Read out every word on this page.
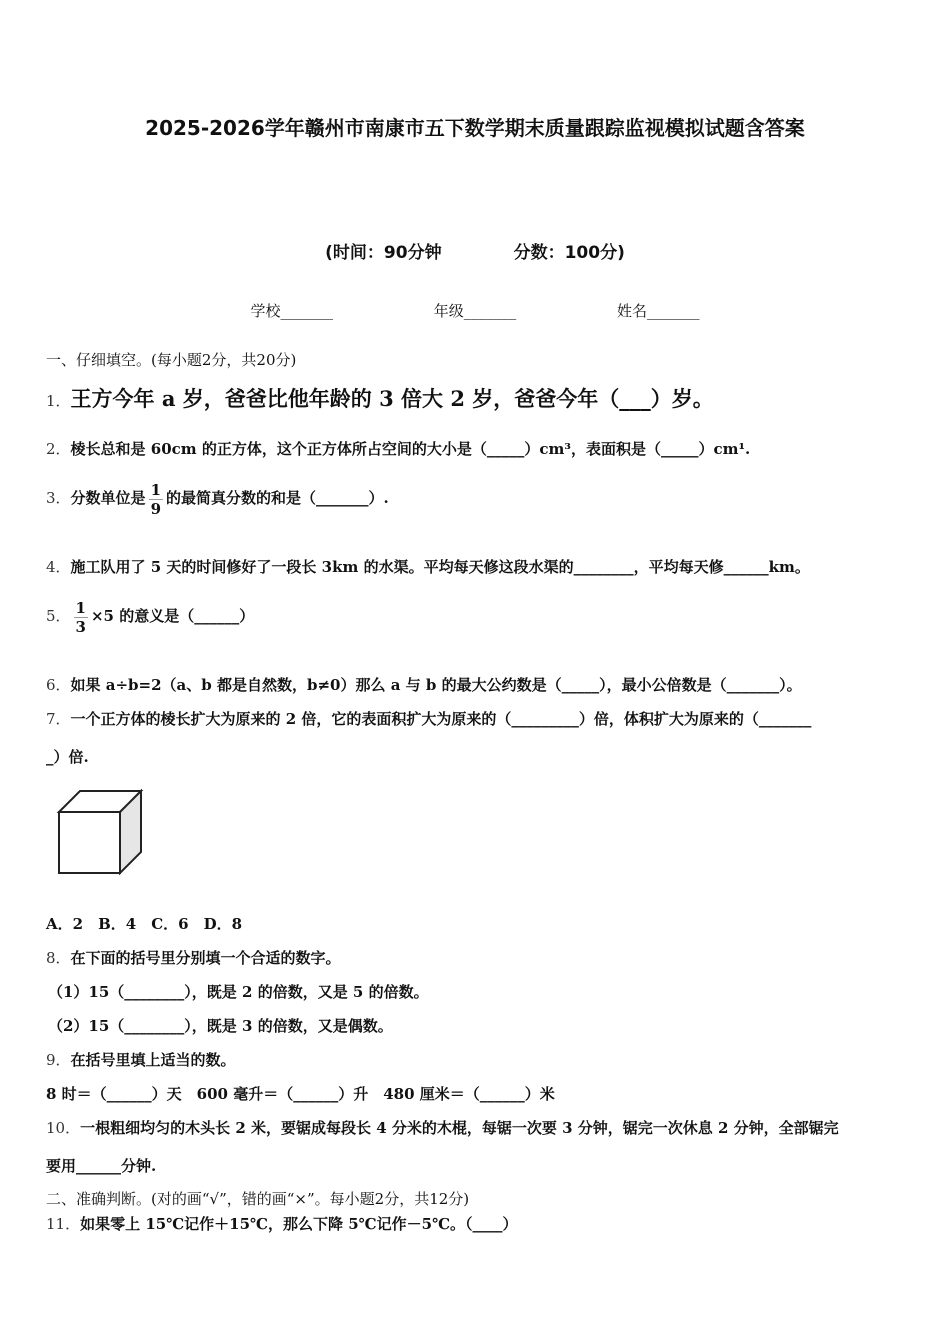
2025-2026学年赣州市南康市五下数学期末质量跟踪监视模拟试题含答案
(时间：90分钟	分数：100分)
学校_______	年级_______	姓名_______
一、仔细填空。(每小题2分，共20分)
1．王方今年 a 岁，爸爸比他年龄的 3 倍大 2 岁，爸爸今年（___）岁。
2．棱长总和是 60cm 的正方体，这个正方体所占空间的大小是（_____）cm³，表面积是（_____）cm¹.
3．分数单位是 $\frac{1}{9}$ 的最简真分数的和是（_______）.
4．施工队用了 5 天的时间修好了一段长 3km 的水渠。平均每天修这段水渠的________，平均每天修______km。
5． $\frac{1}{3} \times 5$ 的意义是（______）
6．如果 a÷b=2（a、b 都是自然数，b≠0）那么 a 与 b 的最大公约数是（_____），最小公倍数是（_______）。
7．一个正方体的棱长扩大为原来的 2 倍，它的表面积扩大为原来的（_________）倍，体积扩大为原来的（_______
_）倍.
A．2　B．4　C．6　D．8
8．在下面的括号里分别填一个合适的数字。
（1）15（________），既是 2 的倍数，又是 5 的倍数。
（2）15（________），既是 3 的倍数，又是偶数。
9．在括号里填上适当的数。
8 时＝（______）天　600 毫升＝（______）升　480 厘米＝（______）米
10．一根粗细均匀的木头长 2 米，要锯成每段长 4 分米的木棍，每锯一次要 3 分钟，锯完一次休息 2 分钟，全部锯完
要用______分钟.
二、准确判断。(对的画“√”，错的画“×”。每小题2分，共12分)
11．如果零上 15℃记作＋15℃，那么下降 5℃记作－5℃。（____）
